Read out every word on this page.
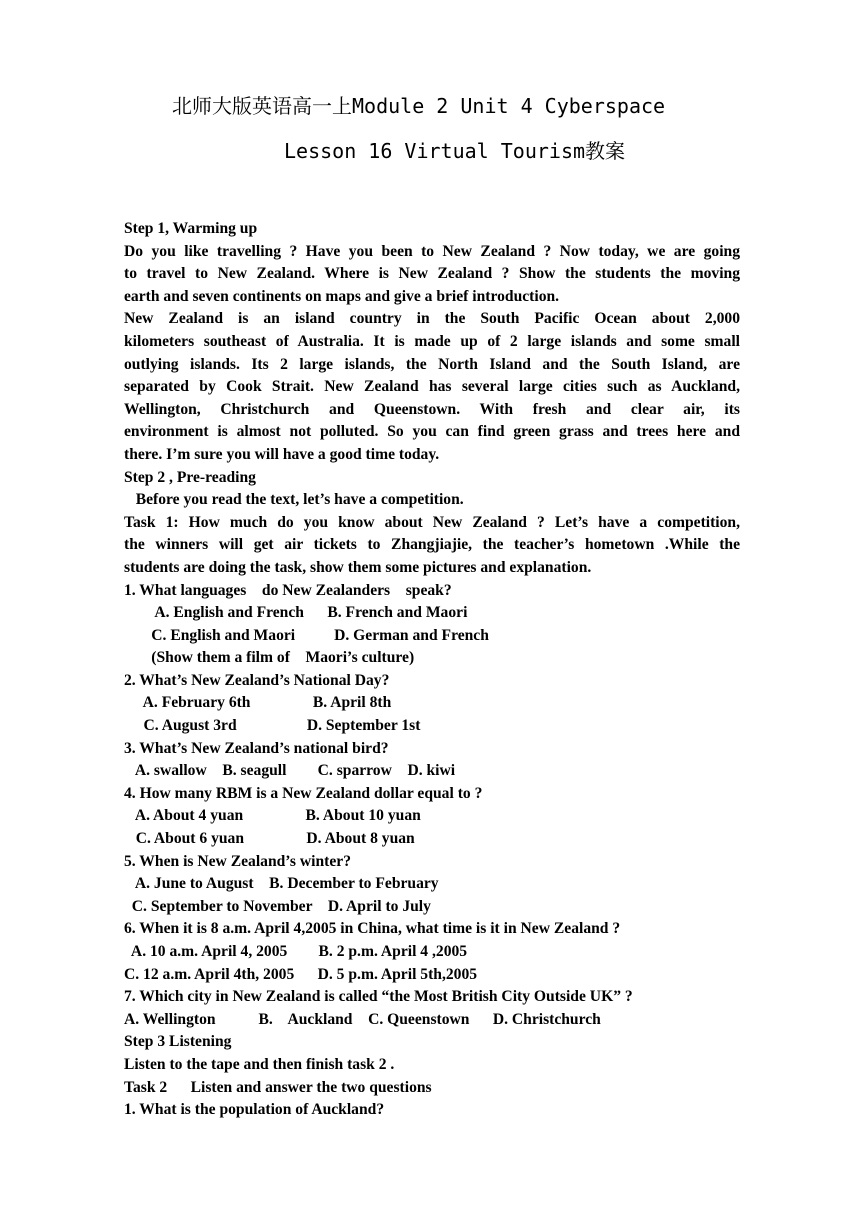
北师大版英语高一上Module 2 Unit 4 Cyberspace
Lesson 16 Virtual Tourism教案
Step 1, Warming up
Do you like travelling ? Have you been to New Zealand ? Now today, we are going
to travel to New Zealand. Where is New Zealand ? Show the students the moving
earth and seven continents on maps and give a brief introduction.
New Zealand is an island country in the South Pacific Ocean about 2,000
kilometers southeast of Australia. It is made up of 2 large islands and some small
outlying islands. Its 2 large islands, the North Island and the South Island, are
separated by Cook Strait. New Zealand has several large cities such as Auckland,
Wellington, Christchurch and Queenstown. With fresh and clear air, its
environment is almost not polluted. So you can find green grass and trees here and
there. I’m sure you will have a good time today.
Step 2 , Pre-reading
Before you read the text, let’s have a competition.
Task 1: How much do you know about New Zealand ? Let’s have a competition,
the winners will get air tickets to Zhangjiajie, the teacher’s hometown .While the
students are doing the task, show them some pictures and explanation.
1. What languages    do New Zealanders    speak?
A. English and French      B. French and Maori
C. English and Maori          D. German and French
(Show them a film of    Maori’s culture)
2. What’s New Zealand’s National Day?
A. February 6th                B. April 8th
C. August 3rd                  D. September 1st
3. What’s New Zealand’s national bird?
A. swallow    B. seagull        C. sparrow    D. kiwi
4. How many RBM is a New Zealand dollar equal to ?
A. About 4 yuan                B. About 10 yuan
C. About 6 yuan                D. About 8 yuan
5. When is New Zealand’s winter?
A. June to August    B. December to February
C. September to November    D. April to July
6. When it is 8 a.m. April 4,2005 in China, what time is it in New Zealand ?
A. 10 a.m. April 4, 2005        B. 2 p.m. April 4 ,2005
C. 12 a.m. April 4th, 2005      D. 5 p.m. April 5th,2005
7. Which city in New Zealand is called “the Most British City Outside UK” ?
A. Wellington           B.    Auckland    C. Queenstown      D. Christchurch
Step 3 Listening
Listen to the tape and then finish task 2 .
Task 2      Listen and answer the two questions
1. What is the population of Auckland?
